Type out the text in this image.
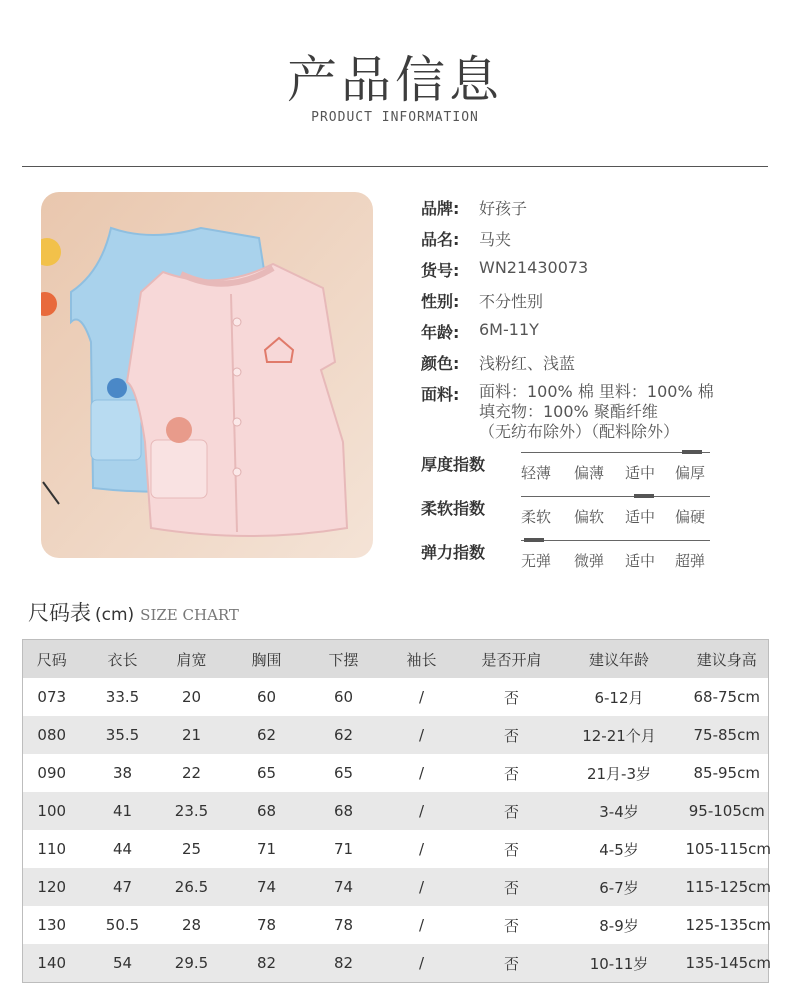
产品信息
PRODUCT INFORMATION
品牌: 好孩子
品名: 马夹
货号: WN21430073
性别: 不分性别
年龄: 6M-11Y
颜色: 浅粉红、浅蓝
面料: 面料：100% 棉 里料：100% 棉
填充物：100% 聚酯纤维
（无纺布除外）（配料除外）
厚度指数 轻薄 偏薄 适中 偏厚
柔软指数 柔软 偏软 适中 偏硬
弹力指数 无弹 微弹 适中 超弹
尺码表 (cm) SIZE CHART
尺码	衣长	肩宽	胸围	下摆	袖长	是否开肩	建议年龄	建议身高
073	33.5	20	60	60	/	否	6-12月	68-75cm
080	35.5	21	62	62	/	否	12-21个月	75-85cm
090	38	22	65	65	/	否	21月-3岁	85-95cm
100	41	23.5	68	68	/	否	3-4岁	95-105cm
110	44	25	71	71	/	否	4-5岁	105-115cm
120	47	26.5	74	74	/	否	6-7岁	115-125cm
130	50.5	28	78	78	/	否	8-9岁	125-135cm
140	54	29.5	82	82	/	否	10-11岁	135-145cm
